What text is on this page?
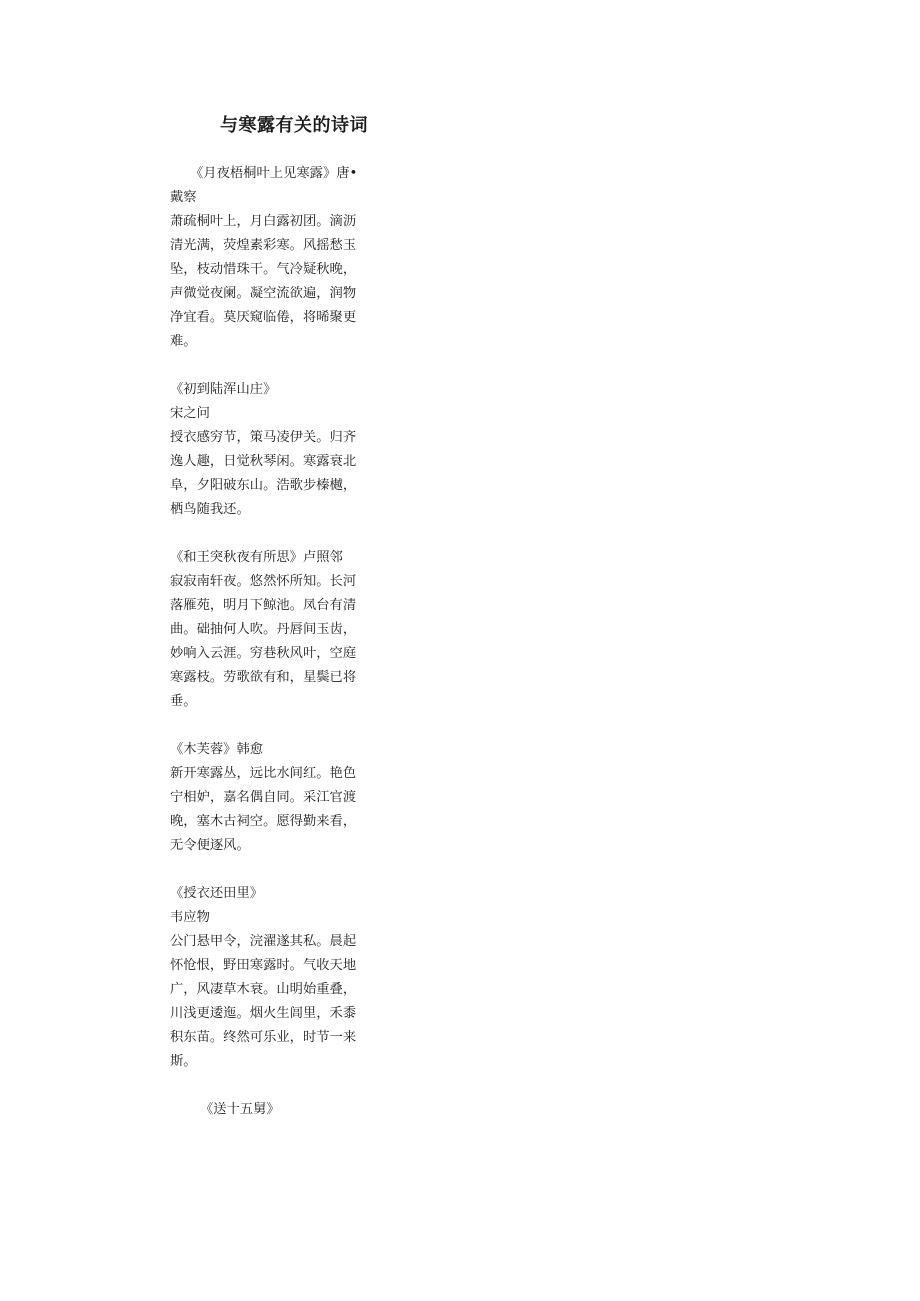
与寒露有关的诗词
《月夜梧桐叶上见寒露》唐•
戴察
萧疏桐叶上，月白露初团。滴沥
清光满，荧煌素彩寒。风摇愁玉
坠，枝动惜珠干。气冷疑秋晚，
声微觉夜阑。凝空流欲遍，润物
净宜看。莫厌窥临倦，将晞聚更
难。
《初到陆浑山庄》
宋之问
授衣感穷节，策马凌伊关。归齐
逸人趣，日觉秋琴闲。寒露衰北
阜，夕阳破东山。浩歌步榛樾，
栖鸟随我还。
《和王突秋夜有所思》卢照邻
寂寂南轩夜。悠然怀所知。长河
落雁苑，明月下鲸池。凤台有清
曲。础抽何人吹。丹唇间玉齿，
妙响入云涯。穷巷秋风叶，空庭
寒露枝。劳歌欲有和，星鬓已将
垂。
《木芙蓉》韩愈
新开寒露丛，远比水间红。艳色
宁相妒，嘉名偶自同。采江官渡
晚，塞木古祠空。愿得勤来看，
无令便逐风。
《授衣还田里》
韦应物
公门悬甲令，浣濯遂其私。晨起
怀怆恨，野田寒露时。气收天地
广，风凄草木衰。山明始重叠，
川浅更逶迤。烟火生闾里，禾黍
积东苗。终然可乐业，时节一来
斯。
《送十五舅》
